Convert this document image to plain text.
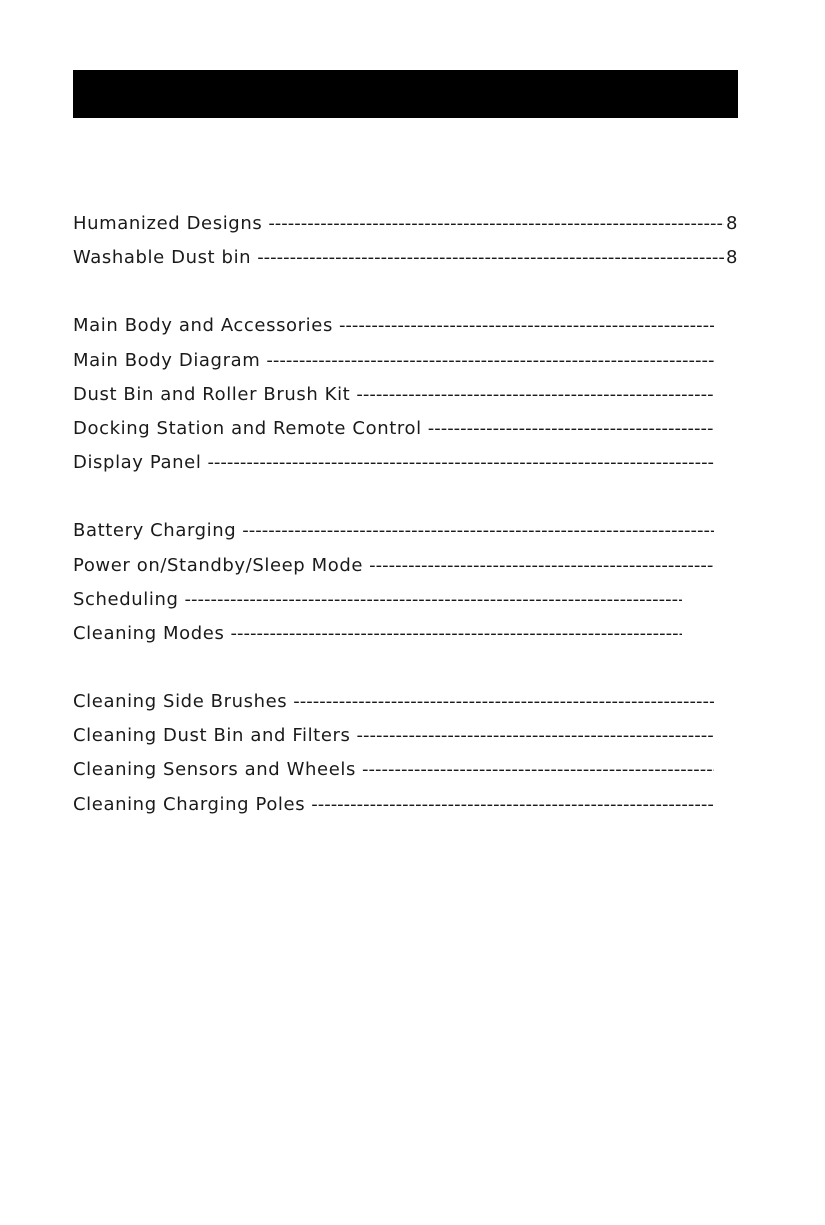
Humanized Designs -----	8
Washable Dust bin -----	8
Main Body and Accessories
-----
Main Body Diagram
-----
Dust Bin and Roller Brush Kit
-----
Docking Station and Remote Control
-----
Display Panel
-----
Battery Charging
-----
Power on/Standby/Sleep Mode
-----
Scheduling
-----
Cleaning Modes
-----
Cleaning Side Brushes
-----
Cleaning Dust Bin and Filters
-----
Cleaning Sensors and Wheels
-----
Cleaning Charging Poles
-----
